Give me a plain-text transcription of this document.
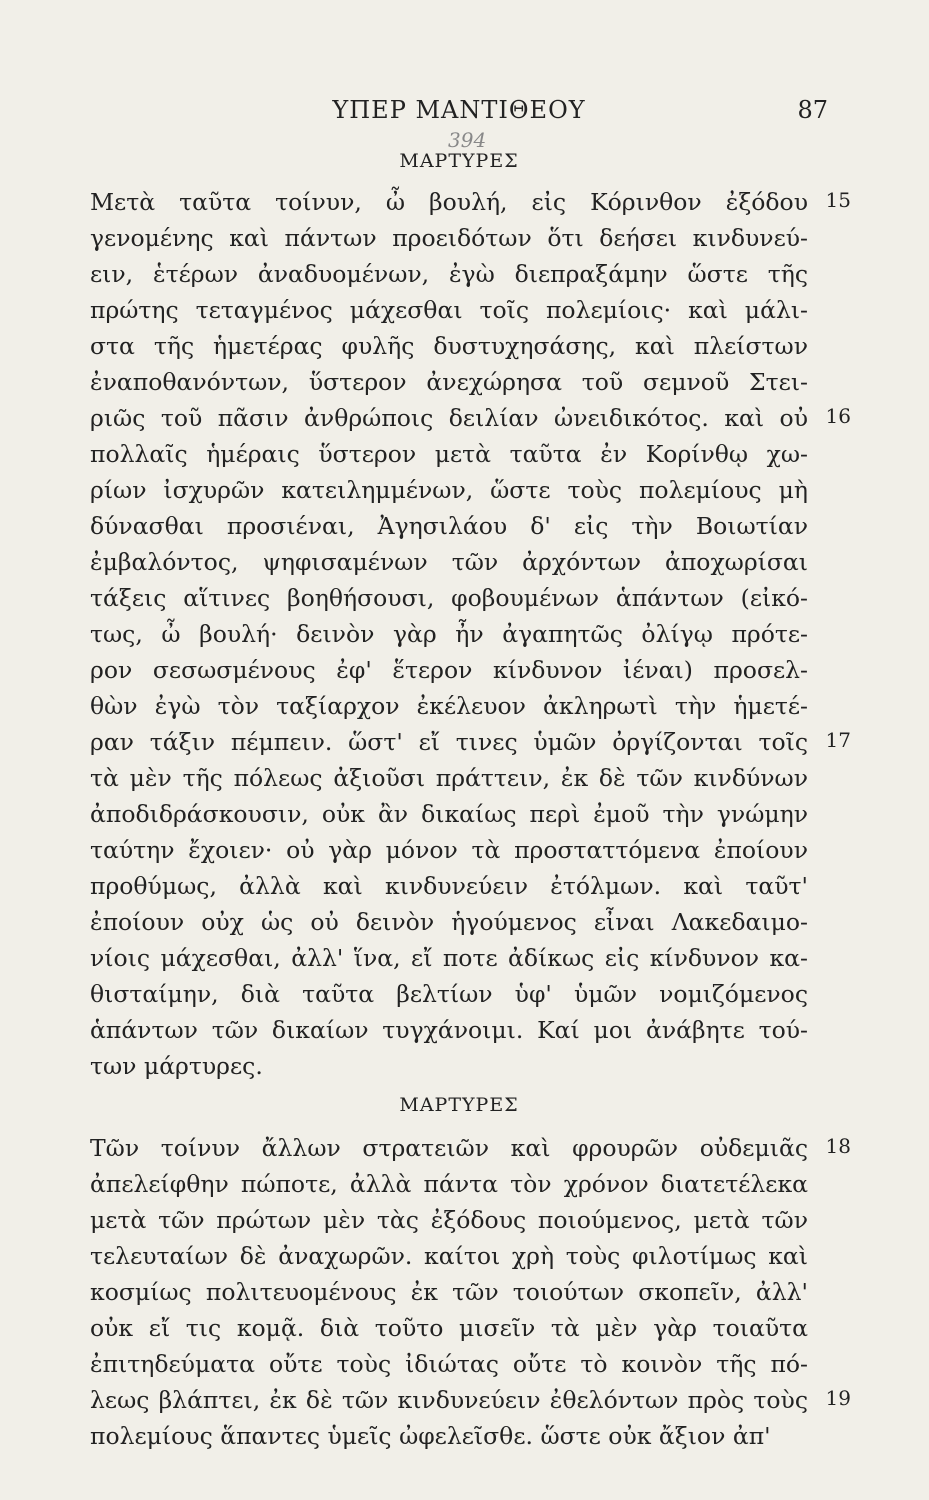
ΥΠΕΡ ΜΑΝΤΙΘΕΟΥ	87
394
ΜΑΡΤΥΡΕΣ
Μετὰ ταῦτα τοίνυν, ὦ βουλή, εἰς Κόρινθον ἐξόδου
γενομένης καὶ πάντων προειδότων ὅτι δεήσει κινδυνεύ-
ειν, ἑτέρων ἀναδυομένων, ἐγὼ διεπραξάμην ὥστε τῆς
πρώτης τεταγμένος μάχεσθαι τοῖς πολεμίοις· καὶ μάλι-
στα τῆς ἡμετέρας φυλῆς δυστυχησάσης, καὶ πλείστων
ἐναποθανόντων, ὕστερον ἀνεχώρησα τοῦ σεμνοῦ Στει-
ριῶς τοῦ πᾶσιν ἀνθρώποις δειλίαν ὠνειδικότος. καὶ οὐ
πολλαῖς ἡμέραις ὕστερον μετὰ ταῦτα ἐν Κορίνθῳ χω-
ρίων ἰσχυρῶν κατειλημμένων, ὥστε τοὺς πολεμίους μὴ
δύνασθαι προσιέναι, Ἀγησιλάου δ' εἰς τὴν Βοιωτίαν
ἐμβαλόντος, ψηφισαμένων τῶν ἀρχόντων ἀποχωρίσαι
τάξεις αἵτινες βοηθήσουσι, φοβουμένων ἁπάντων (εἰκό-
τως, ὦ βουλή· δεινὸν γὰρ ἦν ἀγαπητῶς ὀλίγῳ πρότε-
ρον σεσωσμένους ἐφ' ἕτερον κίνδυνον ἰέναι) προσελ-
θὼν ἐγὼ τὸν ταξίαρχον ἐκέλευον ἀκληρωτὶ τὴν ἡμετέ-
ραν τάξιν πέμπειν. ὥστ' εἴ τινες ὑμῶν ὀργίζονται τοῖς
τὰ μὲν τῆς πόλεως ἀξιοῦσι πράττειν, ἐκ δὲ τῶν κινδύνων
ἀποδιδράσκουσιν, οὐκ ἂν δικαίως περὶ ἐμοῦ τὴν γνώμην
ταύτην ἔχοιεν· οὐ γὰρ μόνον τὰ προσταττόμενα ἐποίουν
προθύμως, ἀλλὰ καὶ κινδυνεύειν ἐτόλμων. καὶ ταῦτ'
ἐποίουν οὐχ ὡς οὐ δεινὸν ἡγούμενος εἶναι Λακεδαιμο-
νίοις μάχεσθαι, ἀλλ' ἵνα, εἴ ποτε ἀδίκως εἰς κίνδυνον κα-
θισταίμην, διὰ ταῦτα βελτίων ὑφ' ὑμῶν νομιζόμενος
ἁπάντων τῶν δικαίων τυγχάνοιμι. Καί μοι ἀνάβητε τού-
των μάρτυρες.
ΜΑΡΤΥΡΕΣ
Τῶν τοίνυν ἄλλων στρατειῶν καὶ φρουρῶν οὐδεμιᾶς
ἀπελείφθην πώποτε, ἀλλὰ πάντα τὸν χρόνον διατετέλεκα
μετὰ τῶν πρώτων μὲν τὰς ἐξόδους ποιούμενος, μετὰ τῶν
τελευταίων δὲ ἀναχωρῶν. καίτοι χρὴ τοὺς φιλοτίμως καὶ
κοσμίως πολιτευομένους ἐκ τῶν τοιούτων σκοπεῖν, ἀλλ'
οὐκ εἴ τις κομᾷ. διὰ τοῦτο μισεῖν τὰ μὲν γὰρ τοιαῦτα
ἐπιτηδεύματα οὔτε τοὺς ἰδιώτας οὔτε τὸ κοινὸν τῆς πό-
λεως βλάπτει, ἐκ δὲ τῶν κινδυνεύειν ἐθελόντων πρὸς τοὺς
πολεμίους ἅπαντες ὑμεῖς ὠφελεῖσθε. ὥστε οὐκ ἄξιον ἀπ'
15
16
17
18
19
